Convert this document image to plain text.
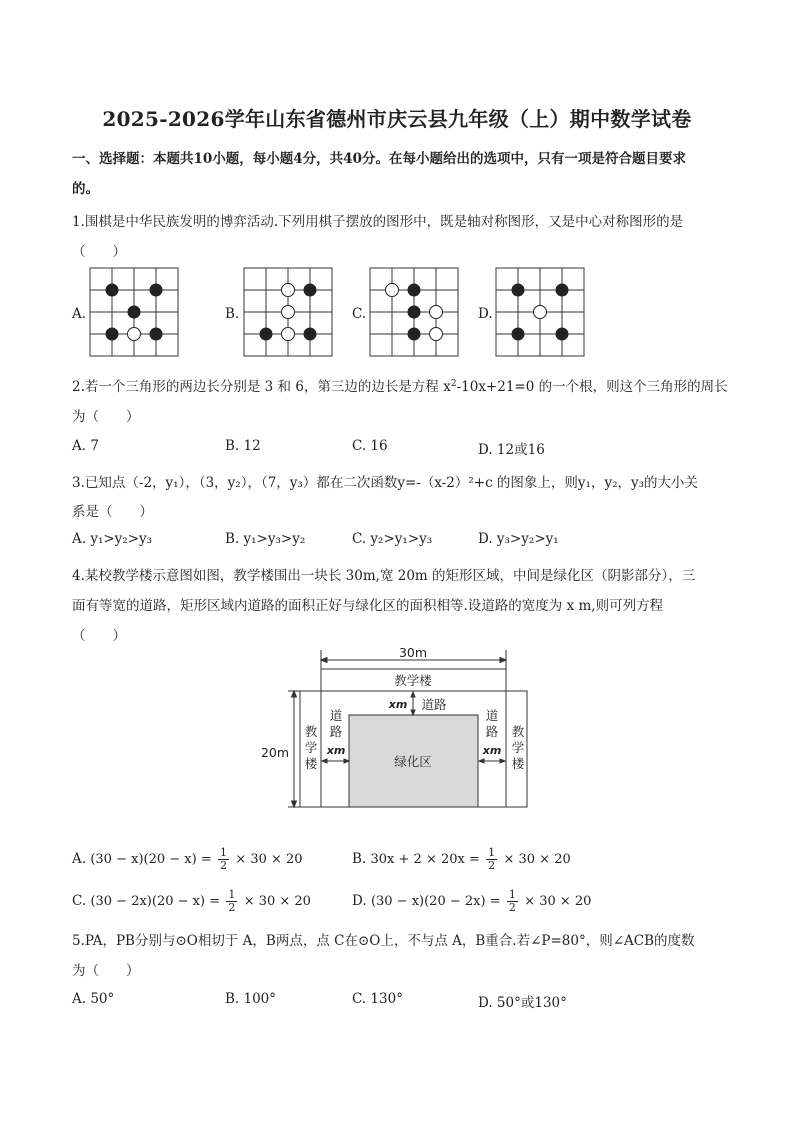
2025-2026学年山东省德州市庆云县九年级（上）期中数学试卷
一、选择题：本题共10小题，每小题4分，共40分。在每小题给出的选项中，只有一项是符合题目要求
的。
1.围棋是中华民族发明的博弈活动.下列用棋子摆放的图形中，既是轴对称图形，又是中心对称图形的是
（　　）
A.	B.	C.	D.
2.若一个三角形的两边长分别是 3 和 6，第三边的边长是方程 $x^2-10x+21=0$ 的一个根，则这个三角形的周长
为（　　）
A. 7	B. 12	C. 16	D. 12或16
3.已知点（-2，y₁），（3，y₂），（7，y₃）都在二次函数y=-（x-2）²+c 的图象上，则y₁，y₂，y₃的大小关
系是（　　）
A. y₁>y₂>y₃	B. y₁>y₃>y₂	C. y₂>y₁>y₃	D. y₃>y₂>y₁
4.某校教学楼示意图如图，教学楼围出一块长 30m,宽 20m 的矩形区域，中间是绿化区（阴影部分），三
面有等宽的道路，矩形区域内道路的面积正好与绿化区的面积相等.设道路的宽度为 x m,则可列方程
（　　）
30m
教学楼
xm 道路
20m
教
学
楼
教
学
楼
道
路
xm
道
路
xm
绿化区
A. $(30 - x)(20 - x) = \frac{1}{2} \times 30 \times 20$	B. $30x + 2 \times 20x = \frac{1}{2} \times 30 \times 20$
C. $(30 - 2x)(20 - x) = \frac{1}{2} \times 30 \times 20$	D. $(30 - x)(20 - 2x) = \frac{1}{2} \times 30 \times 20$
5.PA，PB分别与⊙O相切于 A，B两点，点 C在⊙O上，不与点 A，B重合.若∠P=80°，则∠ACB的度数
为（　　）
A. 50°	B. 100°	C. 130°	D. 50°或130°
